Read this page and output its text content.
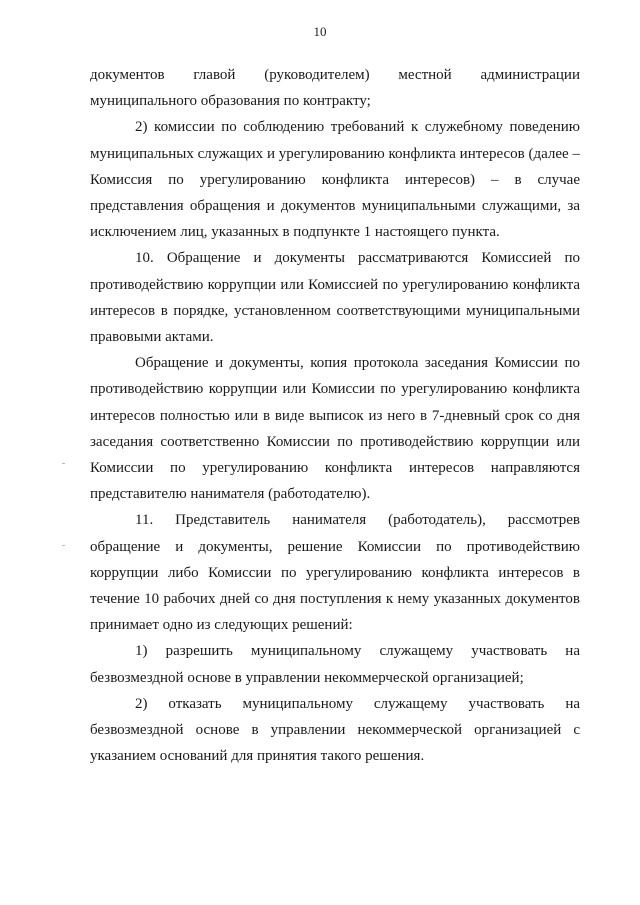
10

документов главой (руководителем) местной администрации муниципального образования по контракту;

2) комиссии по соблюдению требований к служебному поведению муниципальных служащих и урегулированию конфликта интересов (далее – Комиссия по урегулированию конфликта интересов) – в случае представления обращения и документов муниципальными служащими, за исключением лиц, указанных в подпункте 1 настоящего пункта.

10. Обращение и документы рассматриваются Комиссией по противодействию коррупции или Комиссией по урегулированию конфликта интересов в порядке, установленном соответствующими муниципальными правовыми актами.

Обращение и документы, копия протокола заседания Комиссии по противодействию коррупции или Комиссии по урегулированию конфликта интересов полностью или в виде выписок из него в 7-дневный срок со дня заседания соответственно Комиссии по противодействию коррупции или Комиссии по урегулированию конфликта интересов направляются представителю нанимателя (работодателю).

11. Представитель нанимателя (работодатель), рассмотрев обращение и документы, решение Комиссии по противодействию коррупции либо Комиссии по урегулированию конфликта интересов в течение 10 рабочих дней со дня поступления к нему указанных документов принимает одно из следующих решений:

1) разрешить муниципальному служащему участвовать на безвозмездной основе в управлении некоммерческой организацией;

2) отказать муниципальному служащему участвовать на безвозмездной основе в управлении некоммерческой организацией с указанием оснований для принятия такого решения.
